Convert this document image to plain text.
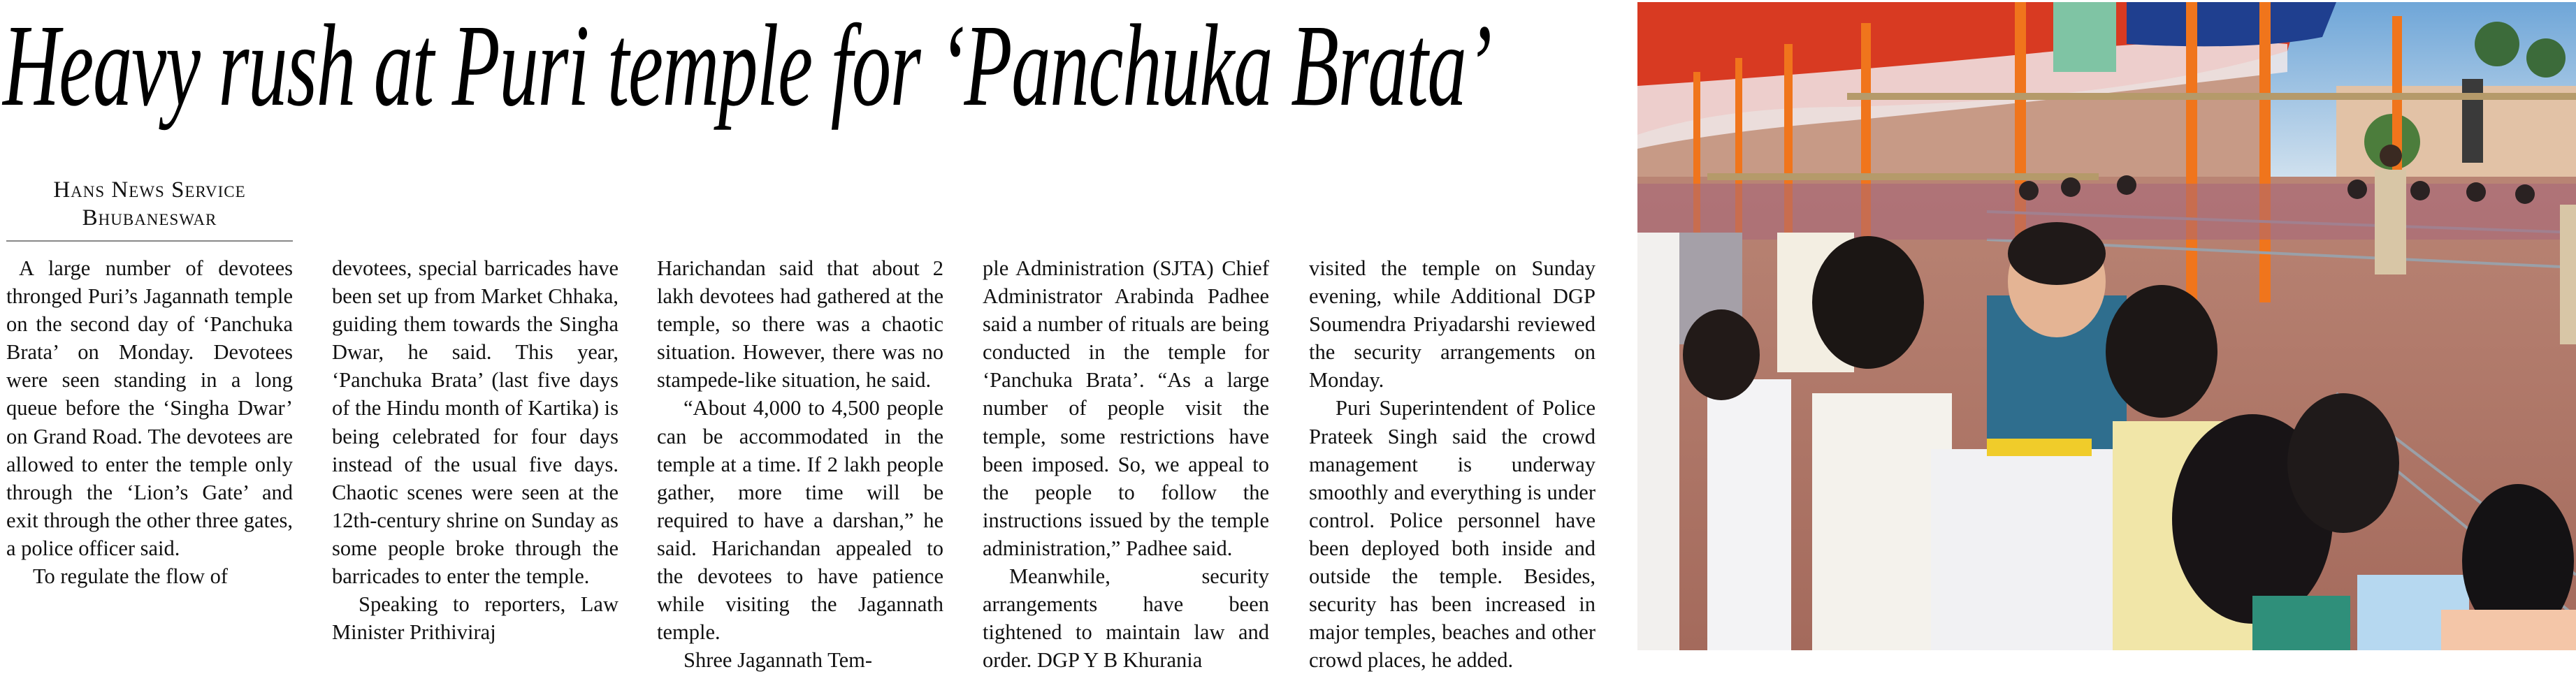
Heavy rush at Puri temple for ‘Panchuka Brata’
Hans News Service
Bhubaneswar

A large number of devotees thronged Puri’s Jagannath temple on the second day of ‘Panchuka Brata’ on Monday. Devotees were seen standing in a long queue before the ‘Singha Dwar’ on Grand Road. The devotees are allowed to enter the temple only through the ‘Lion’s Gate’ and exit through the other three gates, a police officer said.

To regulate the flow of

devotees, special barricades have been set up from Market Chhaka, guiding them towards the Singha Dwar, he said. This year, ‘Panchuka Brata’ (last five days of the Hindu month of Kartika) is being celebrated for four days instead of the usual five days. Chaotic scenes were seen at the 12th-century shrine on Sunday as some people broke through the barricades to enter the temple.

Speaking to reporters, Law Minister Prithiviraj

Harichandan said that about 2 lakh devotees had gathered at the temple, so there was a chaotic situation. However, there was no stampede-like situation, he said.

“About 4,000 to 4,500 people can be accommodated in the temple at a time. If 2 lakh people gather, more time will be required to have a darshan,” he said. Harichandan appealed to the devotees to have patience while visiting the Jagannath temple.

Shree Jagannath Tem-

ple Administration (SJTA) Chief Administrator Arabinda Padhee said a number of rituals are being conducted in the temple for ‘Panchuka Brata’. “As a large number of people visit the temple, some restrictions have been imposed. So, we appeal to the people to follow the instructions issued by the temple administration,” Padhee said.

Meanwhile, security arrangements have been tightened to maintain law and order. DGP Y B Khurania

visited the temple on Sunday evening, while Additional DGP Soumendra Priyadarshi reviewed the security arrangements on Monday.

Puri Superintendent of Police Prateek Singh said the crowd management is underway smoothly and everything is under control. Police personnel have been deployed both inside and outside the temple. Besides, security has been increased in major temples, beaches and other crowd places, he added.
